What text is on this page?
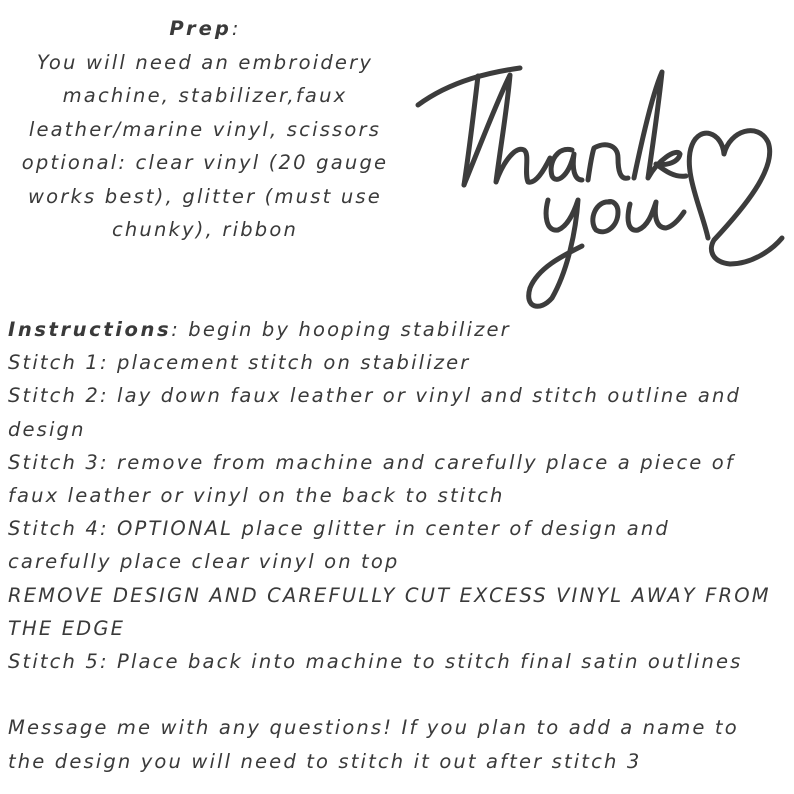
Prep:
You will need an embroidery
machine, stabilizer,faux
leather/marine vinyl, scissors
optional: clear vinyl (20 gauge
works best), glitter (must use
chunky), ribbon
Instructions: begin by hooping stabilizer
Stitch 1: placement stitch on stabilizer
Stitch 2: lay down faux leather or vinyl and stitch outline and
design
Stitch 3: remove from machine and carefully place a piece of
faux leather or vinyl on the back to stitch
Stitch 4: OPTIONAL place glitter in center of design and
carefully place clear vinyl on top
REMOVE DESIGN AND CAREFULLY CUT EXCESS VINYL AWAY FROM
THE EDGE
Stitch 5: Place back into machine to stitch final satin outlines
Message me with any questions! If you plan to add a name to
the design you will need to stitch it out after stitch 3
